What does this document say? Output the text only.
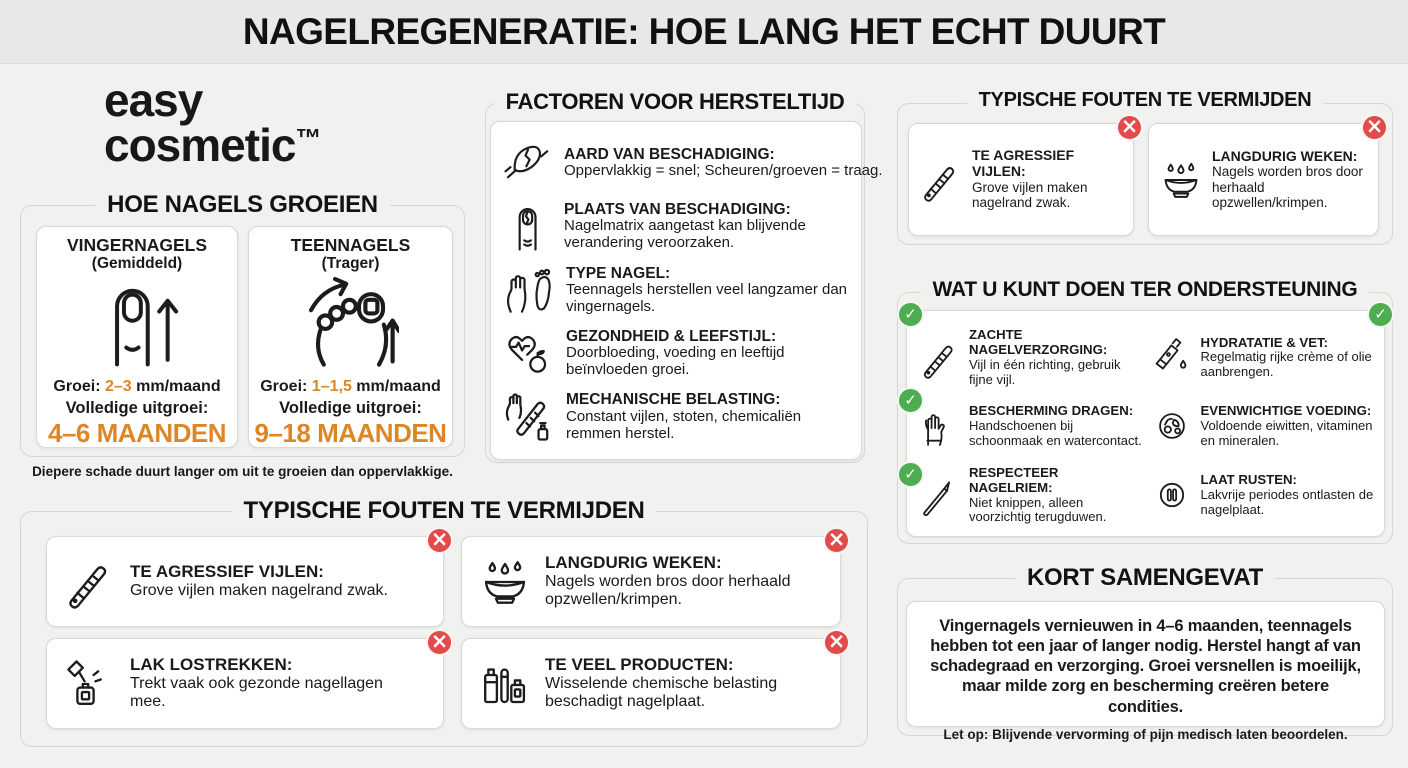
NAGELREGENERATIE: HOE LANG HET ECHT DUURT
easy
cosmetic™
HOE NAGELS GROEIEN
VINGERNAGELS
(Gemiddeld)
Groei: 2–3 mm/maand
Volledige uitgroei:
4–6 MAANDEN
TEENNAGELS
(Trager)
Groei: 1–1,5 mm/maand
Volledige uitgroei:
9–18 MAANDEN
Diepere schade duurt langer om uit te groeien dan oppervlakkige.
FACTOREN VOOR HERSTELTIJD
AARD VAN BESCHADIGING:
Oppervlakkig = snel; Scheuren/groeven = traag.
PLAATS VAN BESCHADIGING:
Nagelmatrix aangetast kan blijvende verandering veroorzaken.
TYPE NAGEL:
Teennagels herstellen veel langzamer dan vingernagels.
GEZONDHEID & LEEFSTIJL:
Doorbloeding, voeding en leeftijd beïnvloeden groei.
MECHANISCHE BELASTING:
Constant vijlen, stoten, chemicaliën remmen herstel.
TYPISCHE FOUTEN TE VERMIJDEN
TE AGRESSIEF VIJLEN:
Grove vijlen maken nagelrand zwak.
×
LANGDURIG WEKEN:
Nagels worden bros door herhaald opzwellen/krimpen.
×
LAK LOSTREKKEN:
Trekt vaak ook gezonde nagellagen mee.
×
TE VEEL PRODUCTEN:
Wisselende chemische belasting beschadigt nagelplaat.
×
TYPISCHE FOUTEN TE VERMIJDEN
TE AGRESSIEF VIJLEN:
Grove vijlen maken nagelrand zwak.
×
LANGDURIG WEKEN:
Nagels worden bros door herhaald opzwellen/krimpen.
×
WAT U KUNT DOEN TER ONDERSTEUNING
ZACHTE NAGELVERZORGING:
Vijl in één richting, gebruik fijne vijl.
HYDRATATIE & VET:
Regelmatig rijke crème of olie aanbrengen.
BESCHERMING DRAGEN:
Handschoenen bij schoonmaak en watercontact.
EVENWICHTIGE VOEDING:
Voldoende eiwitten, vitaminen en mineralen.
RESPECTEER NAGELRIEM:
Niet knippen, alleen voorzichtig terugduwen.
LAAT RUSTEN:
Lakvrije periodes ontlasten de nagelplaat.
✓
✓
✓
✓
KORT SAMENGEVAT

Vingernagels vernieuwen in 4–6 maanden, teennagels hebben tot een jaar of langer nodig. Herstel hangt af van schadegraad en verzorging. Groei versnellen is moeilijk, maar milde zorg en bescherming creëren betere condities.

Let op: Blijvende vervorming of pijn medisch laten beoordelen.
